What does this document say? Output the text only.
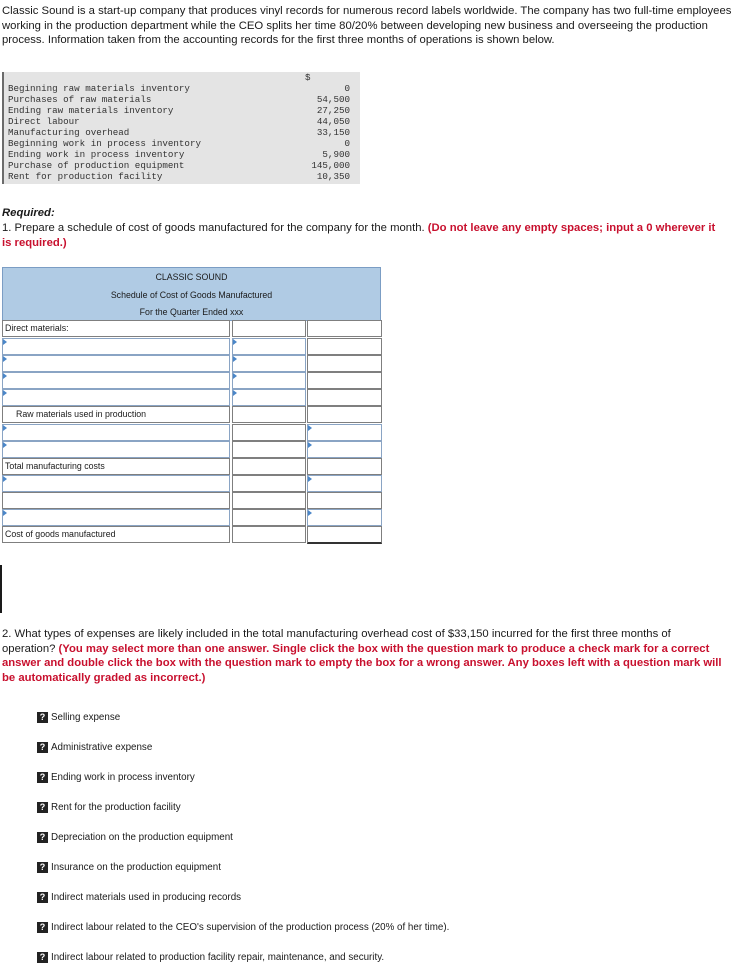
Classic Sound is a start-up company that produces vinyl records for numerous record labels worldwide. The company has two full-time employees working in the production department while the CEO splits her time 80/20% between developing new business and overseeing the production process. Information taken from the accounting records for the first three months of operations is shown below.

$
Beginning raw materials inventory	0
Purchases of raw materials	54,500
Ending raw materials inventory	27,250
Direct labour	44,050
Manufacturing overhead	33,150
Beginning work in process inventory	0
Ending work in process inventory	5,900
Purchase of production equipment	145,000
Rent for production facility	10,350
Required:

1. Prepare a schedule of cost of goods manufactured for the company for the month. (Do not leave any empty spaces; input a 0 wherever it is required.)

CLASSIC SOUND
Schedule of Cost of Goods Manufactured
For the Quarter Ended xxx
Direct materials:
Raw materials used in production
Total manufacturing costs
Cost of goods manufactured

2. What types of expenses are likely included in the total manufacturing overhead cost of $33,150 incurred for the first three months of operation? (You may select more than one answer. Single click the box with the question mark to produce a check mark for a correct answer and double click the box with the question mark to empty the box for a wrong answer. Any boxes left with a question mark will be automatically graded as incorrect.)

? Selling expense
? Administrative expense
? Ending work in process inventory
? Rent for the production facility
? Depreciation on the production equipment
? Insurance on the production equipment
? Indirect materials used in producing records
? Indirect labour related to the CEO's supervision of the production process (20% of her time).
? Indirect labour related to production facility repair, maintenance, and security.
